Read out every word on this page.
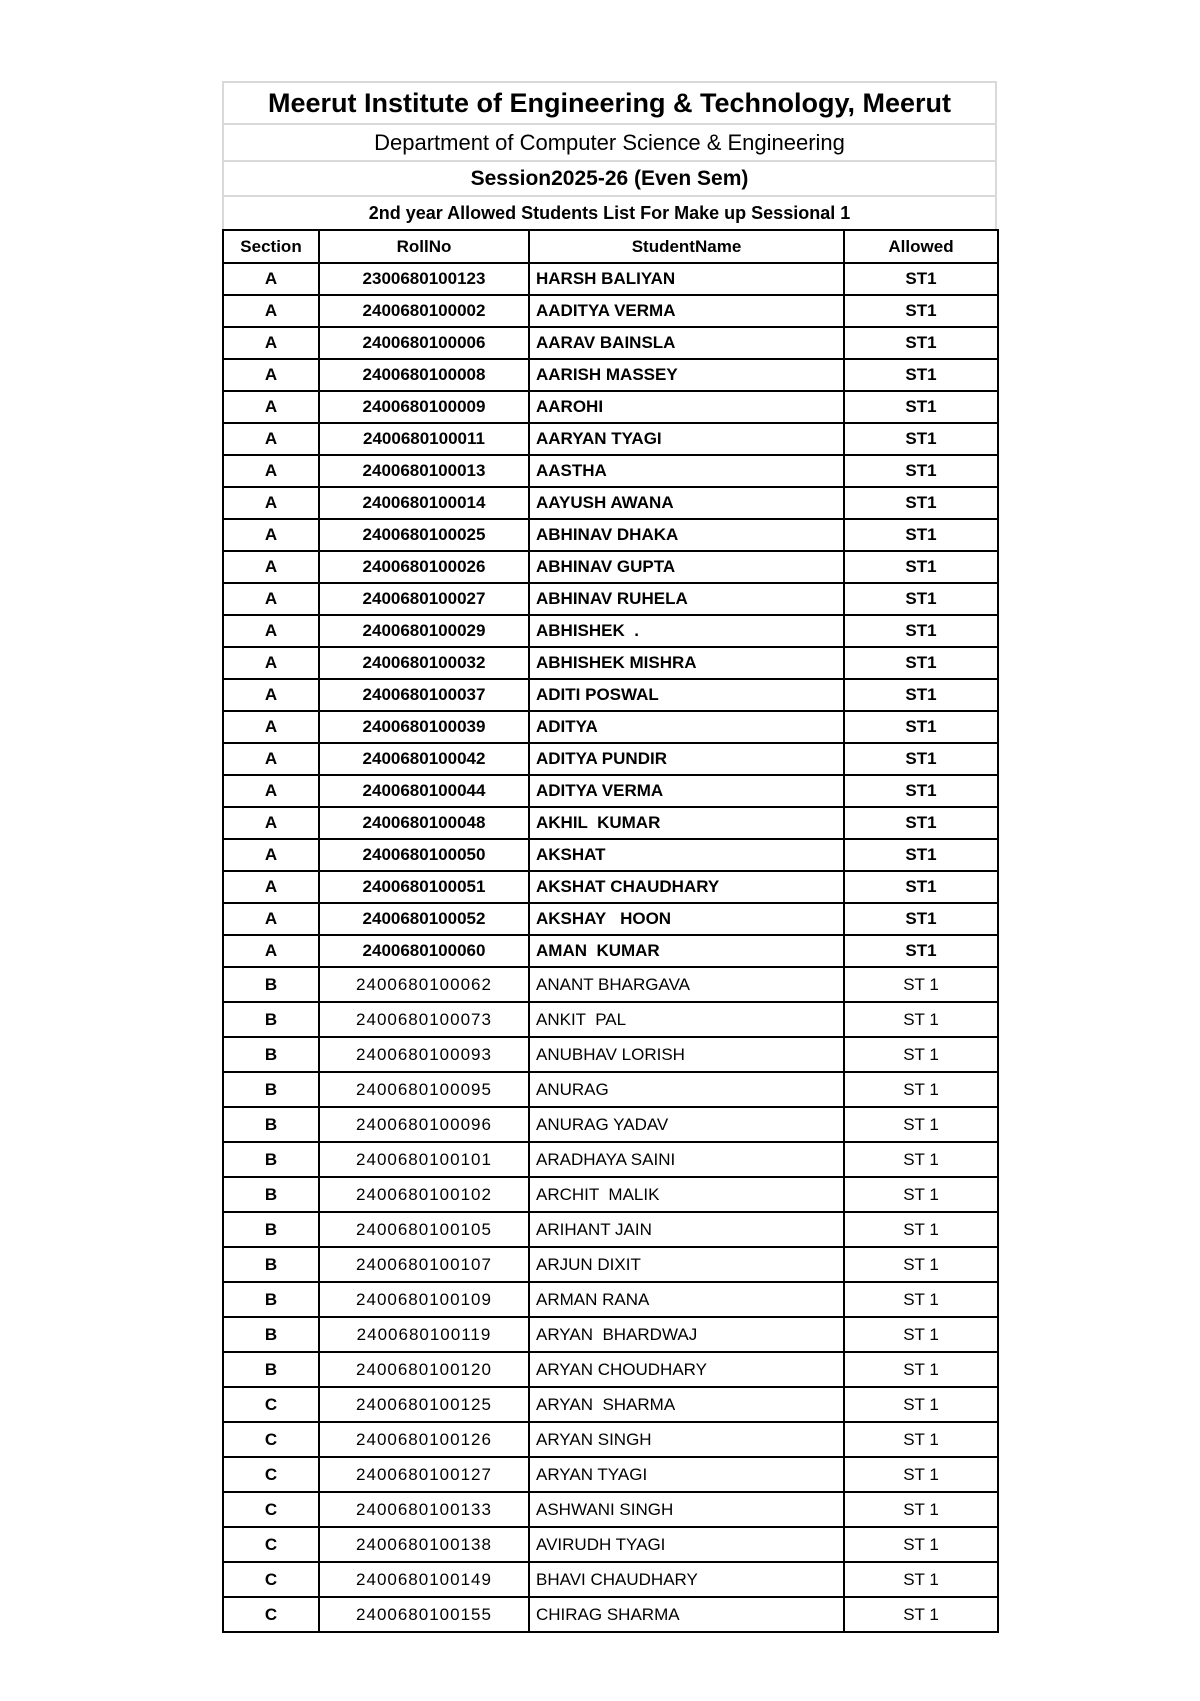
Meerut Institute of Engineering & Technology, Meerut
Department of Computer Science & Engineering
Session2025-26 (Even Sem)
2nd year Allowed Students List For Make up Sessional 1
Section	RollNo	StudentName	Allowed
A	2300680100123	HARSH BALIYAN	ST1
A	2400680100002	AADITYA VERMA	ST1
A	2400680100006	AARAV BAINSLA	ST1
A	2400680100008	AARISH MASSEY	ST1
A	2400680100009	AAROHI	ST1
A	2400680100011	AARYAN TYAGI	ST1
A	2400680100013	AASTHA	ST1
A	2400680100014	AAYUSH AWANA	ST1
A	2400680100025	ABHINAV DHAKA	ST1
A	2400680100026	ABHINAV GUPTA	ST1
A	2400680100027	ABHINAV RUHELA	ST1
A	2400680100029	ABHISHEK  .	ST1
A	2400680100032	ABHISHEK MISHRA	ST1
A	2400680100037	ADITI POSWAL	ST1
A	2400680100039	ADITYA	ST1
A	2400680100042	ADITYA PUNDIR	ST1
A	2400680100044	ADITYA VERMA	ST1
A	2400680100048	AKHIL  KUMAR	ST1
A	2400680100050	AKSHAT	ST1
A	2400680100051	AKSHAT CHAUDHARY	ST1
A	2400680100052	AKSHAY   HOON	ST1
A	2400680100060	AMAN  KUMAR	ST1
B	2400680100062	ANANT BHARGAVA	ST 1
B	2400680100073	ANKIT  PAL	ST 1
B	2400680100093	ANUBHAV LORISH	ST 1
B	2400680100095	ANURAG	ST 1
B	2400680100096	ANURAG YADAV	ST 1
B	2400680100101	ARADHAYA SAINI	ST 1
B	2400680100102	ARCHIT  MALIK	ST 1
B	2400680100105	ARIHANT JAIN	ST 1
B	2400680100107	ARJUN DIXIT	ST 1
B	2400680100109	ARMAN RANA	ST 1
B	2400680100119	ARYAN  BHARDWAJ	ST 1
B	2400680100120	ARYAN CHOUDHARY	ST 1
C	2400680100125	ARYAN  SHARMA	ST 1
C	2400680100126	ARYAN SINGH	ST 1
C	2400680100127	ARYAN TYAGI	ST 1
C	2400680100133	ASHWANI SINGH	ST 1
C	2400680100138	AVIRUDH TYAGI	ST 1
C	2400680100149	BHAVI CHAUDHARY	ST 1
C	2400680100155	CHIRAG SHARMA	ST 1
